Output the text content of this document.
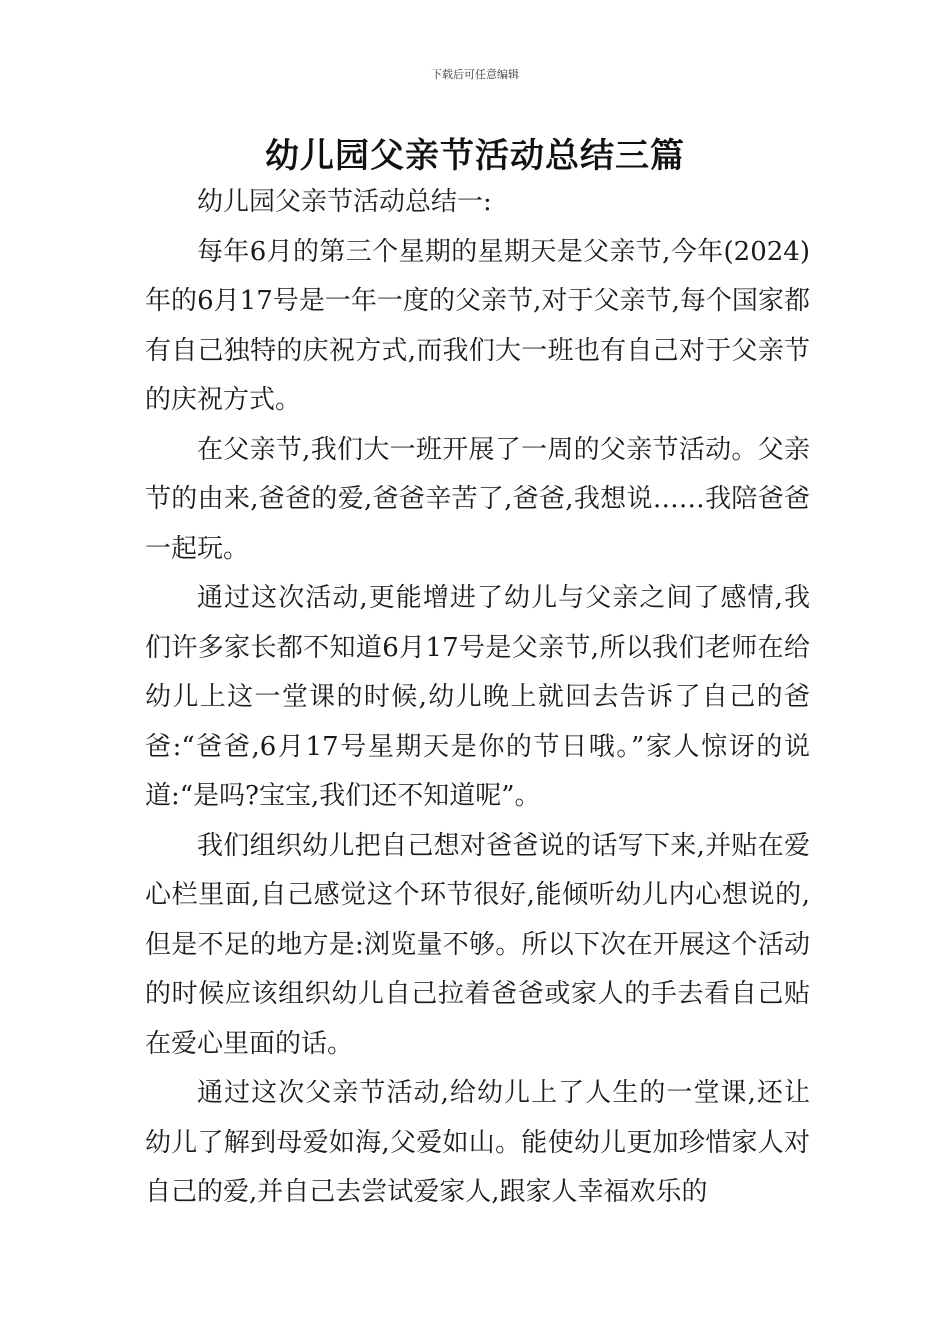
下载后可任意编辑
幼儿园父亲节活动总结三篇

幼儿园父亲节活动总结一:

每年6月的第三个星期的星期天是父亲节,今年(2024)年的6月17号是一年一度的父亲节,对于父亲节,每个国家都有自己独特的庆祝方式,而我们大一班也有自己对于父亲节的庆祝方式。

在父亲节,我们大一班开展了一周的父亲节活动。父亲节的由来,爸爸的爱,爸爸辛苦了,爸爸,我想说……我陪爸爸一起玩。

通过这次活动,更能增进了幼儿与父亲之间了感情,我们许多家长都不知道6月17号是父亲节,所以我们老师在给幼儿上这一堂课的时候,幼儿晚上就回去告诉了自己的爸爸:“爸爸,6月17号星期天是你的节日哦。”家人惊讶的说道:“是吗?宝宝,我们还不知道呢”。

我们组织幼儿把自己想对爸爸说的话写下来,并贴在爱心栏里面,自己感觉这个环节很好,能倾听幼儿内心想说的,但是不足的地方是:浏览量不够。所以下次在开展这个活动的时候应该组织幼儿自己拉着爸爸或家人的手去看自己贴在爱心里面的话。

通过这次父亲节活动,给幼儿上了人生的一堂课,还让幼儿了解到母爱如海,父爱如山。能使幼儿更加珍惜家人对自己的爱,并自己去尝试爱家人,跟家人幸福欢乐的
